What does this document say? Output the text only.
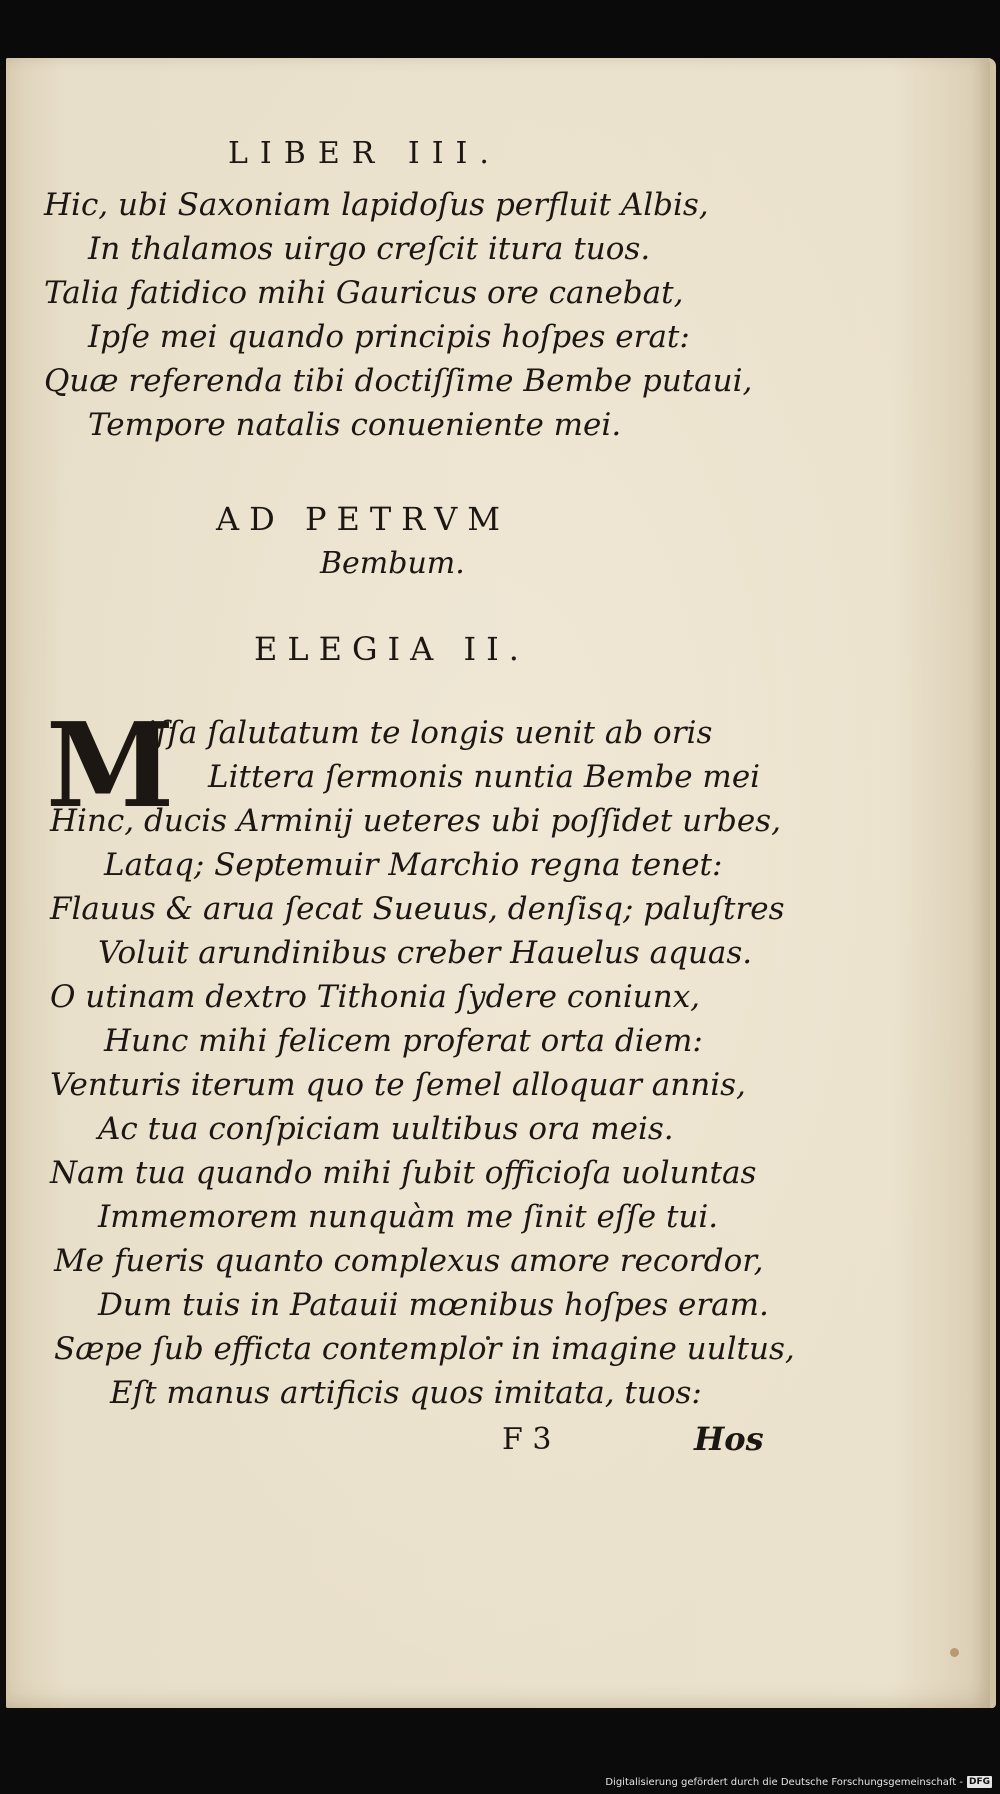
LIBER III.
Hic, ubi Saxoniam lapidoſus perfluit Albis,
In thalamos uirgo creſcit itura tuos.
Talia fatidico mihi Gauricus ore canebat,
Ipſe mei quando principis hoſpes erat:
Quæ referenda tibi doctiſſime Bembe putaui,
Tempore natalis conueniente mei.
AD PETRVM
Bembum.
ELEGIA II.
M
iſſa ſalutatum te longis uenit ab oris
Littera ſermonis nuntia Bembe mei
Hinc, ducis Arminij ueteres ubi poſſidet urbes,
Lataq; Septemuir Marchio regna tenet:
Flauus & arua ſecat Sueuus, denſisq; paluſtres
Voluit arundinibus creber Hauelus aquas.
O utinam dextro Tithonia ſydere coniunx,
Hunc mihi felicem proferat orta diem:
Venturis iterum quo te ſemel alloquar annis,
Ac tua conſpiciam uultibus ora meis.
Nam tua quando mihi ſubit officioſa uoluntas
Immemorem nunquàm me ſinit eſſe tui.
Me fueris quanto complexus amore recordor,
Dum tuis in Patauii mœnibus hoſpes eram.
Sæpe ſub effictа contemplor in imagine uultus,
Eſt manus artificis quos imitata, tuos:
F 3	Hos
Digitalisierung gefördert durch die Deutsche Forschungsgemeinschaft - DFG
